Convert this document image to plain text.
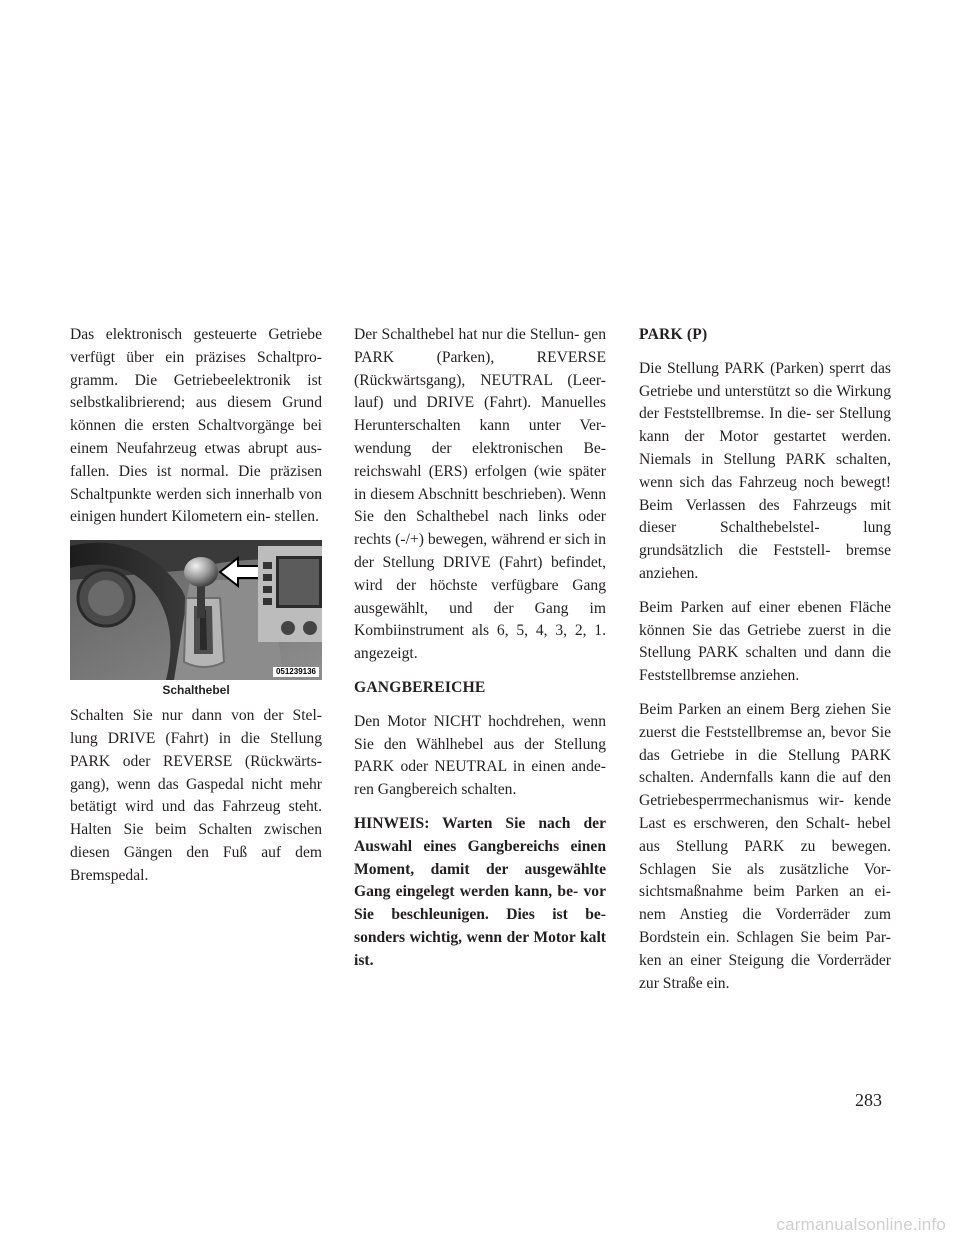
Das elektronisch gesteuerte Getriebe verfügt über ein präzises Schaltpro- gramm. Die Getriebeelektronik ist selbstkalibrierend; aus diesem Grund können die ersten Schaltvorgänge bei einem Neufahrzeug etwas abrupt aus- fallen. Dies ist normal. Die präzisen Schaltpunkte werden sich innerhalb von einigen hundert Kilometern ein- stellen.

051239136
Schalthebel

Schalten Sie nur dann von der Stel- lung DRIVE (Fahrt) in die Stellung PARK oder REVERSE (Rückwärts- gang), wenn das Gaspedal nicht mehr betätigt wird und das Fahrzeug steht. Halten Sie beim Schalten zwischen diesen Gängen den Fuß auf dem Bremspedal.

Der Schalthebel hat nur die Stellun- gen PARK (Parken), REVERSE (Rückwärtsgang), NEUTRAL (Leer- lauf) und DRIVE (Fahrt). Manuelles Herunterschalten kann unter Ver- wendung der elektronischen Be- reichswahl (ERS) erfolgen (wie später in diesem Abschnitt beschrieben). Wenn Sie den Schalthebel nach links oder rechts (-/+) bewegen, während er sich in der Stellung DRIVE (Fahrt) befindet, wird der höchste verfügbare Gang ausgewählt, und der Gang im Kombiinstrument als 6, 5, 4, 3, 2, 1. angezeigt.

GANGBEREICHE

Den Motor NICHT hochdrehen, wenn Sie den Wählhebel aus der Stellung PARK oder NEUTRAL in einen ande- ren Gangbereich schalten.

HINWEIS: Warten Sie nach der Auswahl eines Gangbereichs einen Moment, damit der ausgewählte Gang eingelegt werden kann, be- vor Sie beschleunigen. Dies ist be- sonders wichtig, wenn der Motor kalt ist.

PARK (P)

Die Stellung PARK (Parken) sperrt das Getriebe und unterstützt so die Wirkung der Feststellbremse. In die- ser Stellung kann der Motor gestartet werden. Niemals in Stellung PARK schalten, wenn sich das Fahrzeug noch bewegt! Beim Verlassen des Fahrzeugs mit dieser Schalthebelstel- lung grundsätzlich die Feststell- bremse anziehen.

Beim Parken auf einer ebenen Fläche können Sie das Getriebe zuerst in die Stellung PARK schalten und dann die Feststellbremse anziehen.

Beim Parken an einem Berg ziehen Sie zuerst die Feststellbremse an, bevor Sie das Getriebe in die Stellung PARK schalten. Andernfalls kann die auf den Getriebesperrmechanismus wir- kende Last es erschweren, den Schalt- hebel aus Stellung PARK zu bewegen. Schlagen Sie als zusätzliche Vor- sichtsmaßnahme beim Parken an ei- nem Anstieg die Vorderräder zum Bordstein ein. Schlagen Sie beim Par- ken an einer Steigung die Vorderräder zur Straße ein.

283
carmanualsonline.info
